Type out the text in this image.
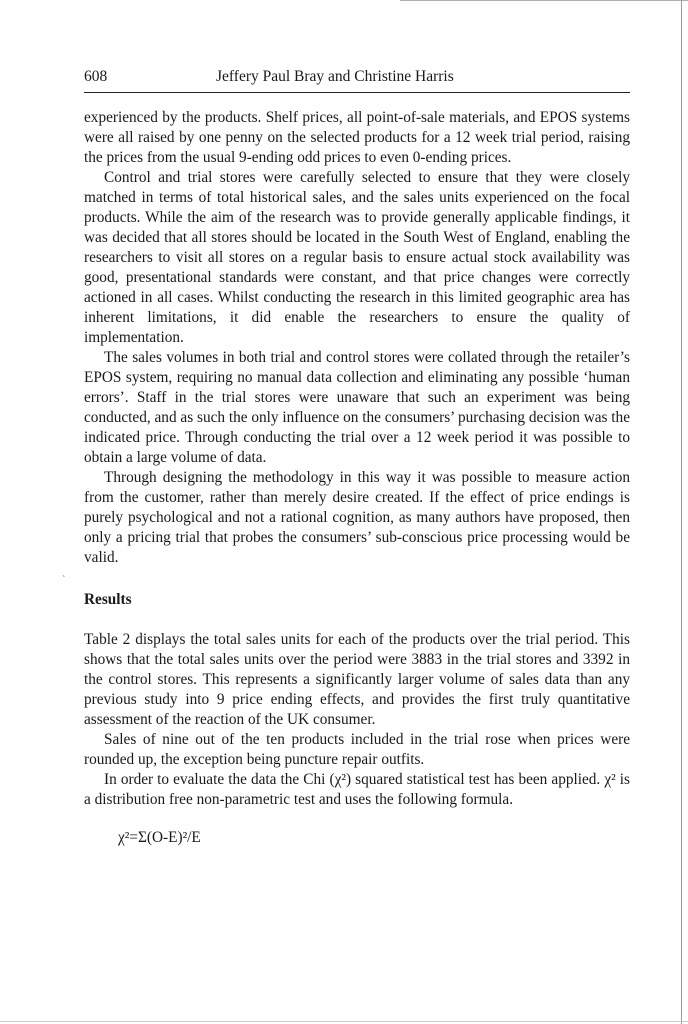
608	Jeffery Paul Bray and Christine Harris
`

experienced by the products. Shelf prices, all point-of-sale materials, and EPOS systems were all raised by one penny on the selected products for a 12 week trial period, raising the prices from the usual 9-ending odd prices to even 0-ending prices.

Control and trial stores were carefully selected to ensure that they were closely matched in terms of total historical sales, and the sales units experienced on the focal products. While the aim of the research was to provide generally applicable findings, it was decided that all stores should be located in the South West of England, enabling the researchers to visit all stores on a regular basis to ensure actual stock availability was good, presentational standards were constant, and that price changes were correctly actioned in all cases. Whilst conducting the research in this limited geographic area has inherent limitations, it did enable the researchers to ensure the quality of implementation.

The sales volumes in both trial and control stores were collated through the retailer’s EPOS system, requiring no manual data collection and eliminating any possible ‘human errors’. Staff in the trial stores were unaware that such an experiment was being conducted, and as such the only influence on the consumers’ purchasing decision was the indicated price. Through conducting the trial over a 12 week period it was possible to obtain a large volume of data.

Through designing the methodology in this way it was possible to measure action from the customer, rather than merely desire created. If the effect of price endings is purely psychological and not a rational cognition, as many authors have proposed, then only a pricing trial that probes the consumers’ sub-conscious price processing would be valid.

Results

Table 2 displays the total sales units for each of the products over the trial period. This shows that the total sales units over the period were 3883 in the trial stores and 3392 in the control stores. This represents a significantly larger volume of sales data than any previous study into 9 price ending effects, and provides the first truly quantitative assessment of the reaction of the UK consumer.

Sales of nine out of the ten products included in the trial rose when prices were rounded up, the exception being puncture repair outfits.

In order to evaluate the data the Chi (χ²) squared statistical test has been applied. χ² is a distribution free non-parametric test and uses the following formula.

χ²=Σ(O-E)²/E
